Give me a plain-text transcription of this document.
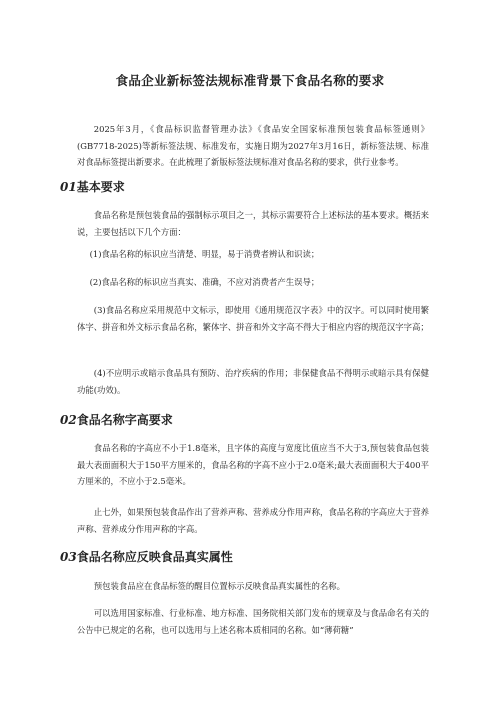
食品企业新标签法规标准背景下食品名称的要求

2025年3月，《食品标识监督管理办法》《食品安全国家标准预包装食品标签通则》(GB7718-2025)等新标签法规、标准发布，实施日期为2027年3月16日，新标签法规、标准对食品标签提出新要求。在此梳理了新版标签法规标准对食品名称的要求，供行业参考。

01基本要求

食品名称是预包装食品的强制标示项目之一，其标示需要符合上述标法的基本要求。概括来说，主要包括以下几个方面：

(1)食品名称的标识应当清楚、明显，易于消费者辨认和识读；

(2)食品名称的标识应当真实、准确，不应对消费者产生误导；

(3)食品名称应采用规范中文标示，即使用《通用规范汉字表》中的汉字。可以同时使用繁体字、拼音和外文标示食品名称，繁体字、拼音和外文字高不得大于相应内容的规范汉字字高；

(4)不应明示或暗示食品具有预防、治疗疾病的作用；非保健食品不得明示或暗示具有保健功能(功效)。

02食品名称字高要求

食品名称的字高应不小于1.8毫米，且字体的高度与宽度比值应当不大于3,预包装食品包装最大表面面积大于150平方厘米的，食品名称的字高不应小于2.0毫米;最大表面面积大于400平方厘米的，不应小于2.5毫米。

止七外，如果预包装食品作出了营养声称、营养成分作用声称，食品名称的字高应大于营养声称、营养成分作用声称的字高。

03食品名称应反映食品真实属性

预包装食品应在食品标签的醒目位置标示反映食品真实属性的名称。

可以选用国家标准、行业标准、地方标准、国务院相关部门发布的规章及与食品命名有关的公告中已规定的名称，也可以选用与上述名称本质相同的名称。如“薄荷糖”
